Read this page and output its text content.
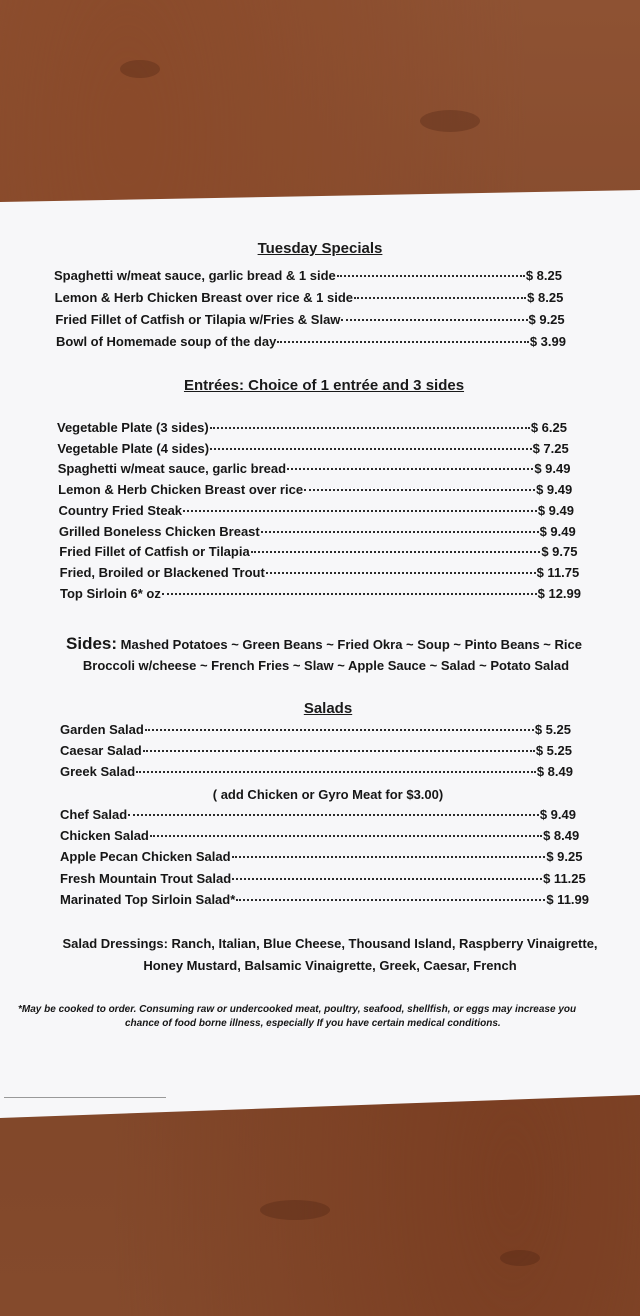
Tuesday Specials
Spaghetti w/meat sauce, garlic bread & 1 side	$ 8.25
Lemon & Herb Chicken Breast over rice & 1 side	$ 8.25
Fried Fillet of Catfish or Tilapia w/Fries & Slaw	$ 9.25
Bowl of Homemade soup of the day	$ 3.99
Entrées: Choice of 1 entrée and 3 sides
Vegetable Plate (3 sides)	$ 6.25
Vegetable Plate (4 sides)	$ 7.25
Spaghetti w/meat sauce, garlic bread	$ 9.49
Lemon & Herb Chicken Breast over rice	$ 9.49
Country Fried Steak	$ 9.49
Grilled Boneless Chicken Breast	$ 9.49
Fried Fillet of Catfish or Tilapia	$ 9.75
Fried, Broiled or Blackened Trout	$ 11.75
Top Sirloin 6* oz	$ 12.99
Sides: Mashed Potatoes ~ Green Beans ~ Fried Okra ~ Soup ~ Pinto Beans ~ Rice
Broccoli w/cheese ~ French Fries ~ Slaw ~ Apple Sauce ~ Salad ~ Potato Salad
Salads
Garden Salad	$ 5.25
Caesar Salad	$ 5.25
Greek Salad	$ 8.49
( add Chicken or Gyro Meat for $3.00)
Chef Salad	$ 9.49
Chicken Salad	$ 8.49
Apple Pecan Chicken Salad	$ 9.25
Fresh Mountain Trout Salad	$ 11.25
Marinated Top Sirloin Salad*	$ 11.99
Salad Dressings: Ranch, Italian, Blue Cheese, Thousand Island, Raspberry Vinaigrette,
Honey Mustard, Balsamic Vinaigrette, Greek, Caesar, French
*May be cooked to order. Consuming raw or undercooked meat, poultry, seafood, shellfish, or eggs may increase you
chance of food borne illness, especially If you have certain medical conditions.
